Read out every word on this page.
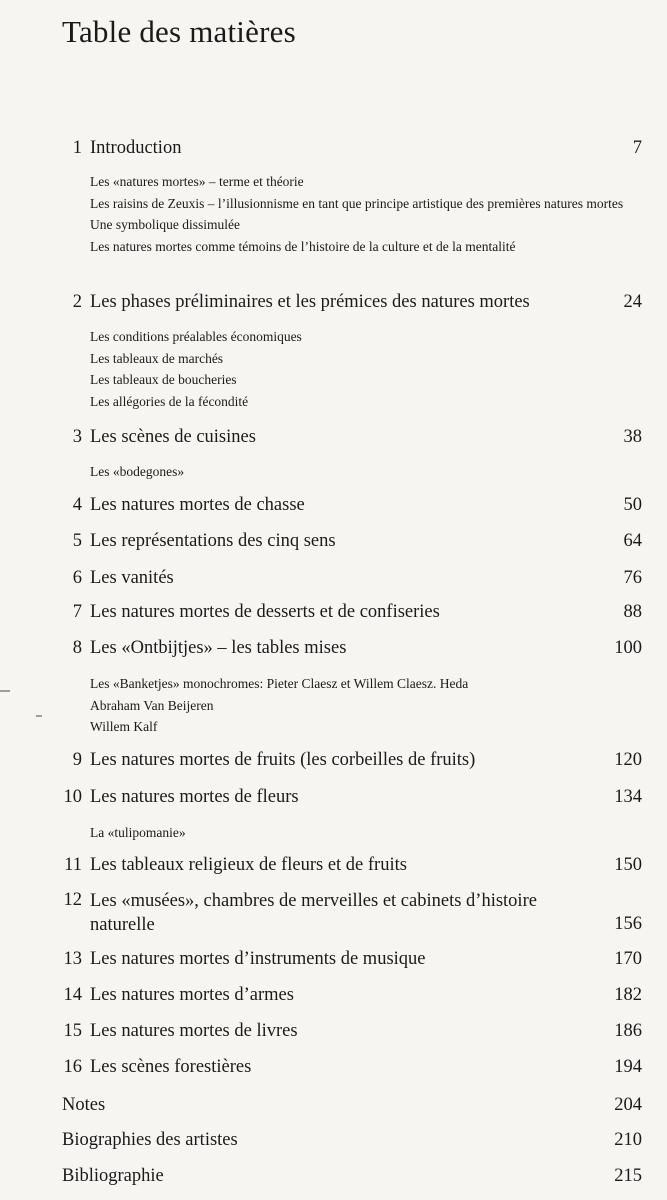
Table des matières
1 Introduction	7
Les «natures mortes» – terme et théorie
Les raisins de Zeuxis – l’illusionnisme en tant que principe artistique des premières natures mortes
Une symbolique dissimulée
Les natures mortes comme témoins de l’histoire de la culture et de la mentalité
2 Les phases préliminaires et les prémices des natures mortes	24
Les conditions préalables économiques
Les tableaux de marchés
Les tableaux de boucheries
Les allégories de la fécondité
3 Les scènes de cuisines	38
Les «bodegones»
4 Les natures mortes de chasse	50
5 Les représentations des cinq sens	64
6 Les vanités	76
7 Les natures mortes de desserts et de confiseries	88
8 Les «Ontbijtjes» – les tables mises	100
Les «Banketjes» monochromes: Pieter Claesz et Willem Claesz. Heda
Abraham Van Beijeren
Willem Kalf
9 Les natures mortes de fruits (les corbeilles de fruits)	120
10 Les natures mortes de fleurs	134
La «tulipomanie»
11 Les tableaux religieux de fleurs et de fruits	150
12 Les «musées», chambres de merveilles et cabinets d’histoire naturelle	156
13 Les natures mortes d’instruments de musique	170
14 Les natures mortes d’armes	182
15 Les natures mortes de livres	186
16 Les scènes forestières	194
Notes	204
Biographies des artistes	210
Bibliographie	215
